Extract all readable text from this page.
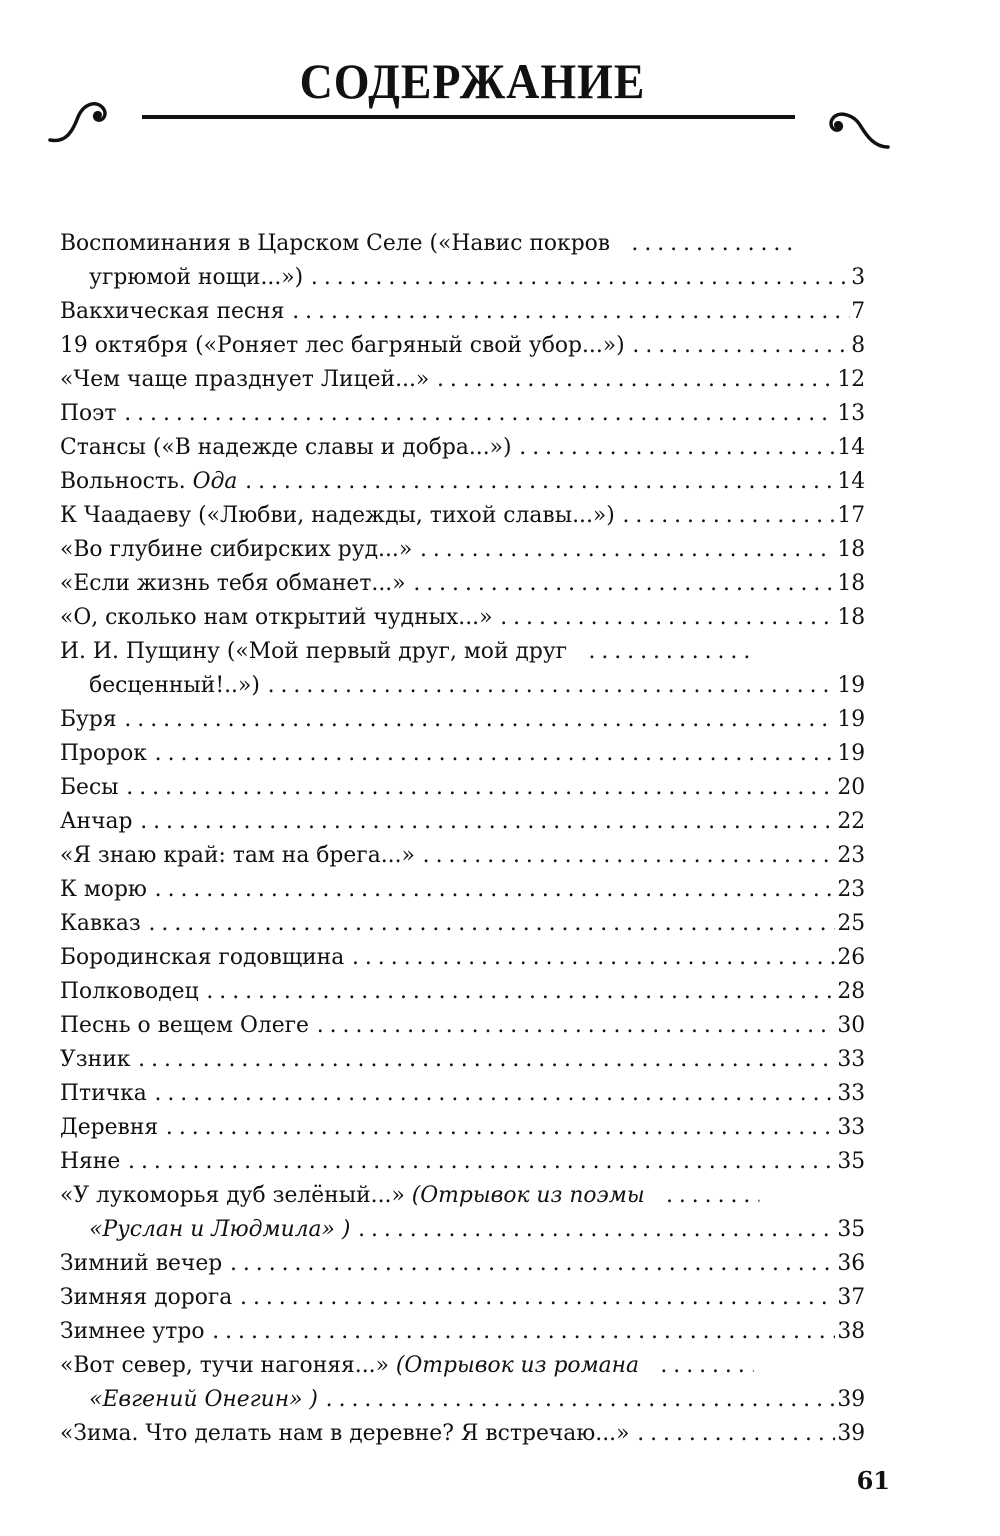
СОДЕРЖАНИЕ
Воспоминания в Царском Селе («Навис покров
. . .
угрюмой нощи...») . . .	3
Вакхическая песня . . .	7
19 октября («Роняет лес багряный свой убор...») . . .	8
«Чем чаще празднует Лицей...» . . .	12
Поэт . . .	13
Стансы («В надежде славы и добра...») . . .	14
Вольность. Ода . . .	14
К Чаадаеву («Любви, надежды, тихой славы...») . . .	17
«Во глубине сибирских руд...» . . .	18
«Если жизнь тебя обманет...» . . .	18
«О, сколько нам открытий чудных...» . . .	18
И. И. Пущину («Мой первый друг, мой друг
. . .
бесценный!..») . . .	19
Буря . . .	19
Пророк . . .	19
Бесы . . .	20
Анчар . . .	22
«Я знаю край: там на брега...» . . .	23
К морю . . .	23
Кавказ . . .	25
Бородинская годовщина . . .	26
Полководец . . .	28
Песнь о вещем Олеге . . .	30
Узник . . .	33
Птичка . . .	33
Деревня . . .	33
Няне . . .	35
«У лукоморья дуб зелёный...» (Отрывок из поэмы
. . .
«Руслан и Людмила» ) . . .	35
Зимний вечер . . .	36
Зимняя дорога . . .	37
Зимнее утро . . .	38
«Вот север, тучи нагоняя...» (Отрывок из романа
. . .
«Евгений Онегин» ) . . .	39
«Зима. Что делать нам в деревне? Я встречаю...» . . .	39
61
